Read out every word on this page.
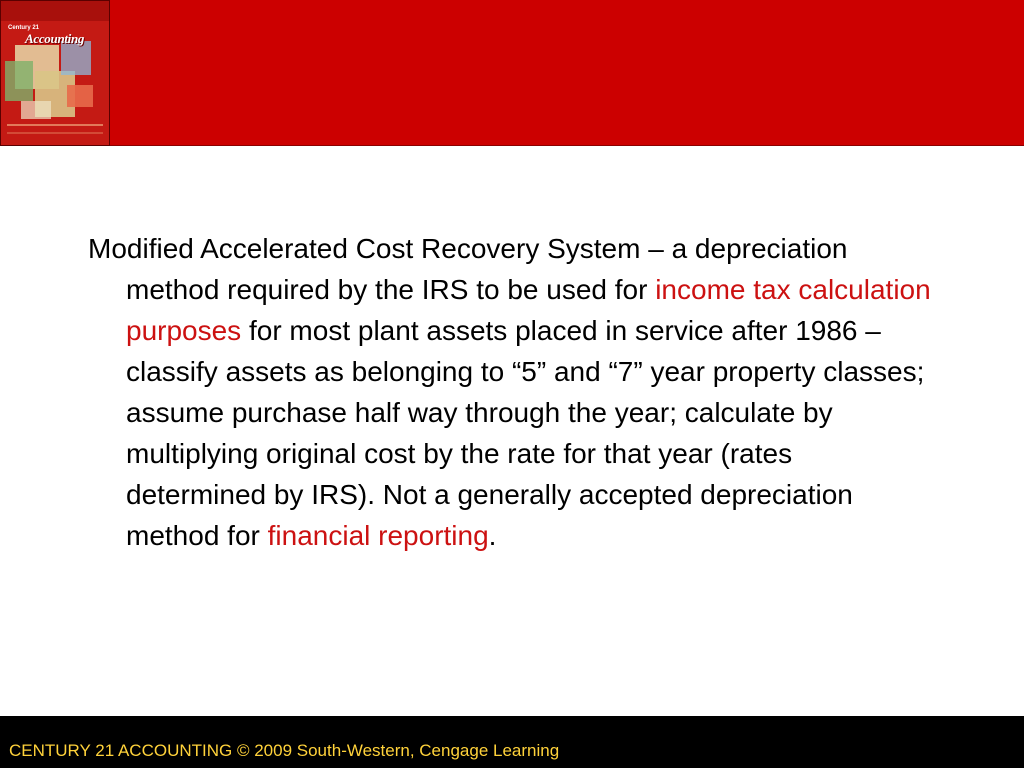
Century 21
Accounting

Modified Accelerated Cost Recovery System – a depreciation method required by the IRS to be used for income tax calculation purposes for most plant assets placed in service after 1986 – classify assets as belonging to “5” and “7” year property classes; assume purchase half way through the year; calculate by multiplying original cost by the rate for that year (rates determined by IRS). Not a generally accepted depreciation method for financial reporting.

CENTURY 21 ACCOUNTING © 2009 South-Western, Cengage Learning
